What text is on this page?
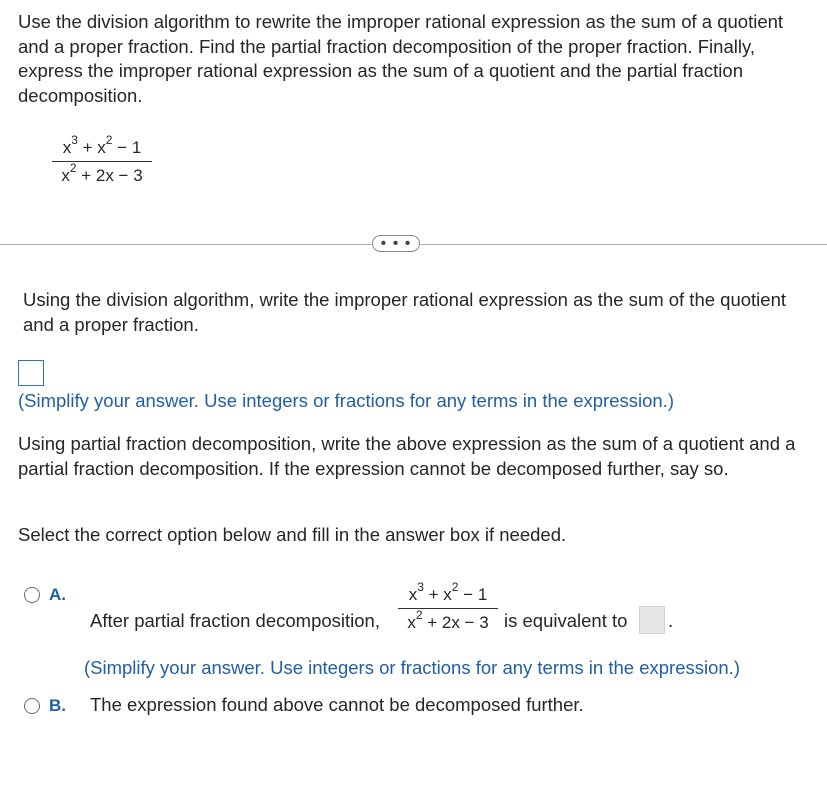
Use the division algorithm to rewrite the improper rational expression as the sum of a quotient and a proper fraction. Find the partial fraction decomposition of the proper fraction. Finally, express the improper rational expression as the sum of a quotient and the partial fraction decomposition.
$x^3 + x^2 - 1$
$x^2 + 2x - 3$
• • •
Using the division algorithm, write the improper rational expression as the sum of the quotient and a proper fraction.
(Simplify your answer. Use integers or fractions for any terms in the expression.)
Using partial fraction decomposition, write the above expression as the sum of a quotient and a partial fraction decomposition. If the expression cannot be decomposed further, say so.
Select the correct option below and fill in the answer box if needed.
A.
After partial fraction decomposition,
$x^3 + x^2 - 1$
$x^2 + 2x - 3$ is equivalent to .
(Simplify your answer. Use integers or fractions for any terms in the expression.)
B. The expression found above cannot be decomposed further.
